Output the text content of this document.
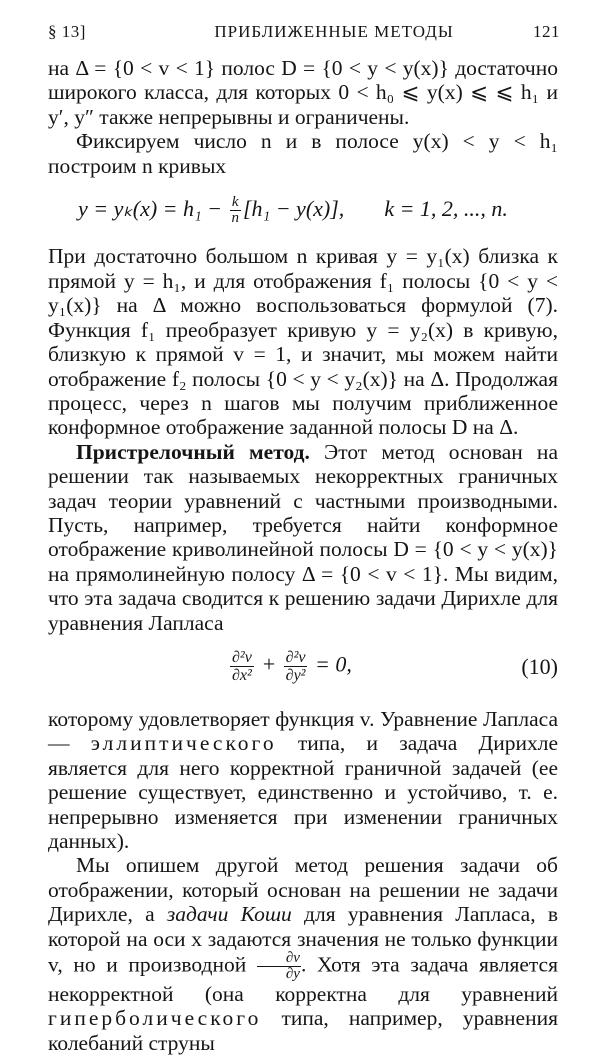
§ 13]	ПРИБЛИЖЕННЫЕ МЕТОДЫ	121

на Δ = {0 < v < 1} полос D = {0 < y < y(x)} достаточно широкого класса, для которых 0 < h₀ ⩽ y(x) ⩽ ⩽ h₁ и y′, y″ также непрерывны и ограничены.

Фиксируем число n и в полосе y(x) < y < h₁ построим n кривых

$y = y_k(x) = h_1 - \frac{k}{n} [h_1 - y(x)]$, k = 1, 2, ..., n.

При достаточно большом n кривая y = y₁(x) близка к прямой y = h₁, и для отображения f₁ полосы {0 < y < y₁(x)} на Δ можно воспользоваться формулой (7). Функция f₁ преобразует кривую y = y₂(x) в кривую, близкую к прямой v = 1, и значит, мы можем найти отображение f₂ полосы {0 < y < y₂(x)} на Δ. Продолжая процесс, через n шагов мы получим приближенное конформное отображение заданной полосы D на Δ.

Пристрелочный метод. Этот метод основан на решении так называемых некорректных граничных задач теории уравнений с частными производными. Пусть, например, требуется найти конформное отображение криволинейной полосы D = {0 < y < y(x)} на прямолинейную полосу Δ = {0 < v < 1}. Мы видим, что эта задача сводится к решению задачи Дирихле для уравнения Лапласа

$\frac{\text{∂²v}}{\text{∂x²}} + \frac{\text{∂²v}}{\text{∂y²}} = 0$,	(10)

которому удовлетворяет функция v. Уравнение Лапласа — эллиптического типа, и задача Дирихле является для него корректной граничной задачей (ее решение существует, единственно и устойчиво, т. е. непрерывно изменяется при изменении граничных данных).

Мы опишем другой метод решения задачи об отображении, который основан на решении не задачи Дирихле, а задачи Коши для уравнения Лапласа, в которой на оси x задаются значения не только функции v, но и производной $\frac{\partial v}{\partial y}$ . Хотя эта задача является некорректной (она корректна для уравнений гиперболического типа, например, уравнения колебаний струны
